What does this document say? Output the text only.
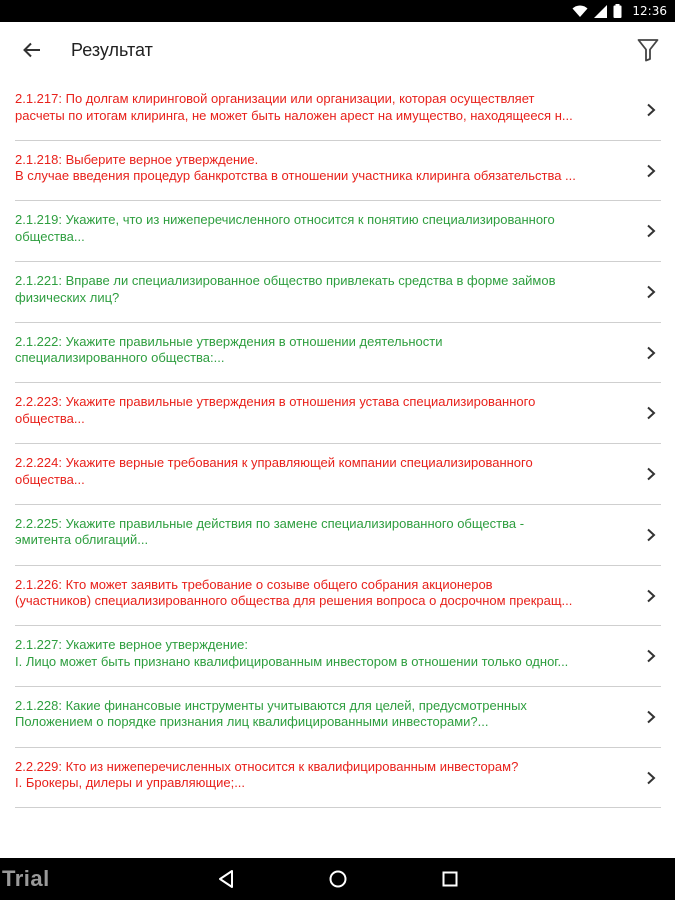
12:36
Результат
2.1.217: По долгам клиринговой организации или организации, которая осуществляет
расчеты по итогам клиринга, не может быть наложен арест на имущество, находящееся н...
2.1.218: Выберите верное утверждение.
В случае введения процедур банкротства в отношении участника клиринга обязательства ...
2.1.219: Укажите, что из нижеперечисленного относится к понятию специализированного
общества...
2.1.221: Вправе ли специализированное общество привлекать средства в форме займов
физических лиц?
2.1.222: Укажите правильные утверждения в отношении деятельности
специализированного общества:...
2.2.223: Укажите правильные утверждения в отношения устава специализированного
общества...
2.2.224: Укажите верные требования к управляющей компании специализированного
общества...
2.2.225: Укажите правильные действия по замене специализированного общества -
эмитента облигаций...
2.1.226: Кто может заявить требование о созыве общего собрания акционеров
(участников) специализированного общества для решения вопроса о досрочном прекращ...
2.1.227: Укажите верное утверждение:
I. Лицо может быть признано квалифицированным инвестором в отношении только одног...
2.1.228: Какие финансовые инструменты учитываются для целей, предусмотренных
Положением о порядке признания лиц квалифицированными инвесторами?...
2.2.229: Кто из нижеперечисленных относится к квалифицированным инвесторам?
I. Брокеры, дилеры и управляющие;...
Trial
